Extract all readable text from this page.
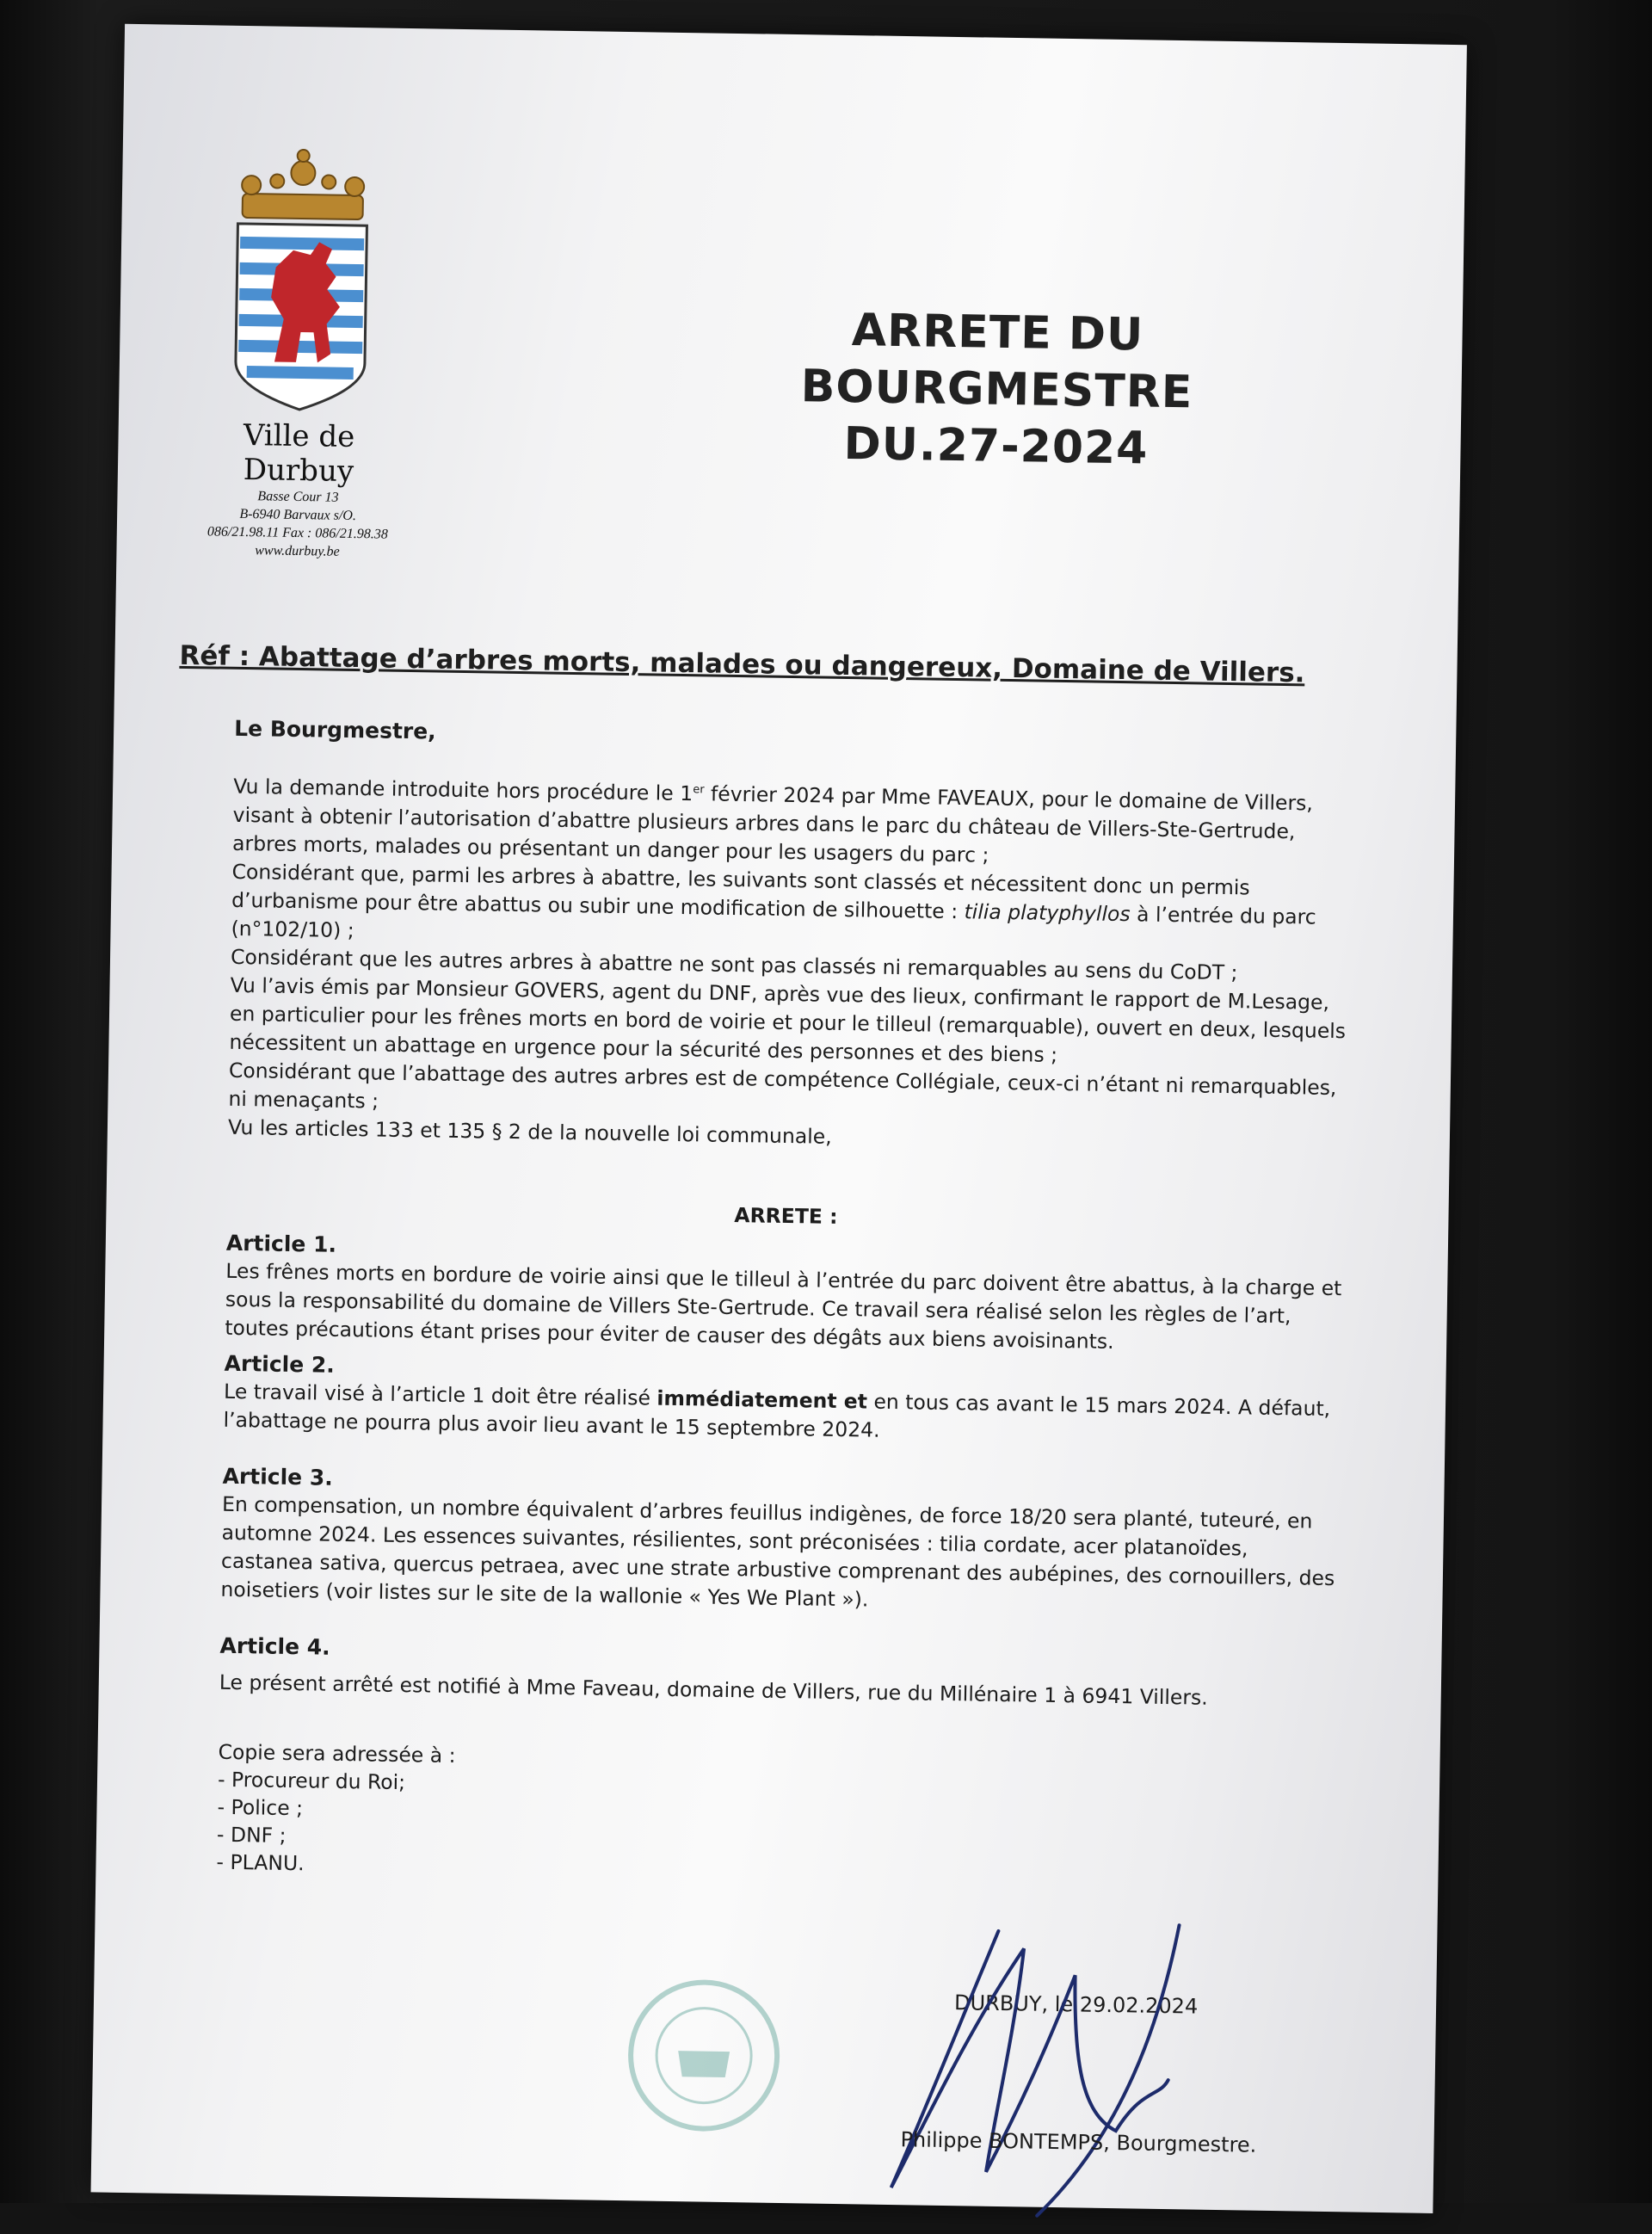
Ville de Durbuy
Basse Cour 13
B-6940 Barvaux s/O.
086/21.98.11 Fax : 086/21.98.38
www.durbuy.be
ARRETE DU BOURGMESTRE
DU.27-2024
Réf : Abattage d’arbres morts, malades ou dangereux, Domaine de Villers.
Le Bourgmestre,

Vu la demande introduite hors procédure le 1er février 2024 par Mme FAVEAUX, pour le domaine de Villers, visant à obtenir l’autorisation d’abattre plusieurs arbres dans le parc du château de Villers-Ste-Gertrude, arbres morts, malades ou présentant un danger pour les usagers du parc ;

Considérant que, parmi les arbres à abattre, les suivants sont classés et nécessitent donc un permis d’urbanisme pour être abattus ou subir une modification de silhouette : tilia platyphyllos à l’entrée du parc (n°102/10) ;

Considérant que les autres arbres à abattre ne sont pas classés ni remarquables au sens du CoDT ;

Vu l’avis émis par Monsieur GOVERS, agent du DNF, après vue des lieux, confirmant le rapport de M.Lesage, en particulier pour les frênes morts en bord de voirie et pour le tilleul (remarquable), ouvert en deux, lesquels nécessitent un abattage en urgence pour la sécurité des personnes et des biens ;

Considérant que l’abattage des autres arbres est de compétence Collégiale, ceux-ci n’étant ni remarquables, ni menaçants ;

Vu les articles 133 et 135 § 2 de la nouvelle loi communale,

ARRETE :
Article 1.

Les frênes morts en bordure de voirie ainsi que le tilleul à l’entrée du parc doivent être abattus, à la charge et sous la responsabilité du domaine de Villers Ste-Gertrude. Ce travail sera réalisé selon les règles de l’art, toutes précautions étant prises pour éviter de causer des dégâts aux biens avoisinants.

Article 2.

Le travail visé à l’article 1 doit être réalisé immédiatement et en tous cas avant le 15 mars 2024. A défaut, l’abattage ne pourra plus avoir lieu avant le 15 septembre 2024.

Article 3.

En compensation, un nombre équivalent d’arbres feuillus indigènes, de force 18/20 sera planté, tuteuré, en automne 2024. Les essences suivantes, résilientes, sont préconisées : tilia cordate, acer platanoïdes, castanea sativa, quercus petraea, avec une strate arbustive comprenant des aubépines, des cornouillers, des noisetiers (voir listes sur le site de la wallonie « Yes We Plant »).

Article 4.

Le présent arrêté est notifié à Mme Faveau, domaine de Villers, rue du Millénaire 1 à 6941 Villers.

Copie sera adressée à :
- Procureur du Roi;
- Police ;
- DNF ;
- PLANU.
DURBUY, le 29.02.2024
Philippe BONTEMPS, Bourgmestre.
